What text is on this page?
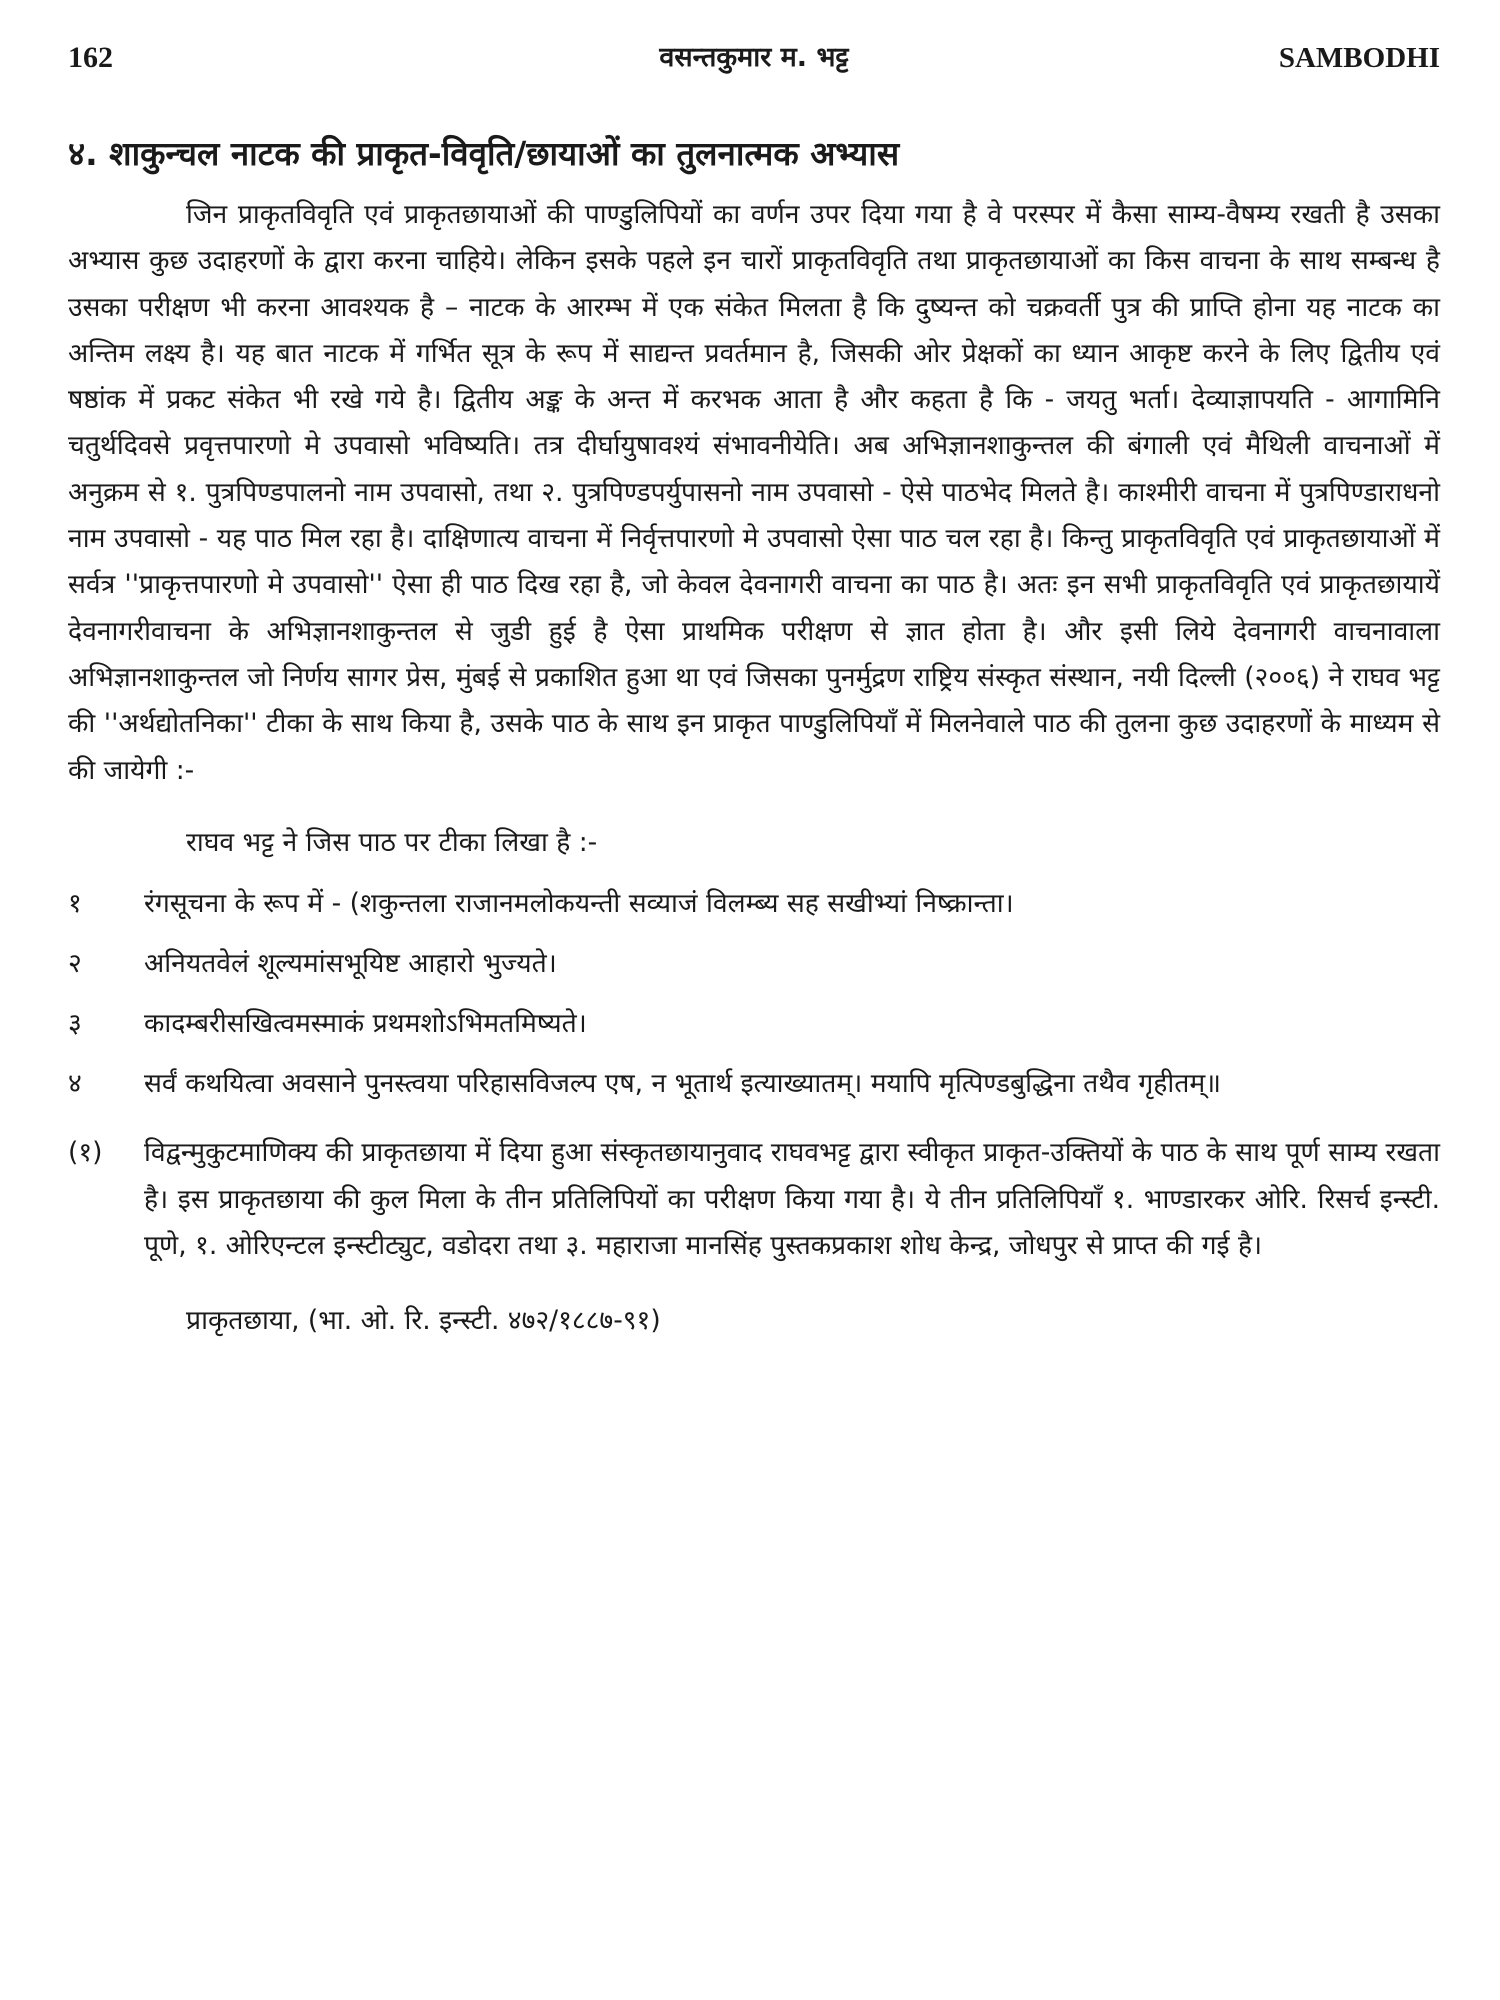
162	वसन्तकुमार म. भट्ट	SAMBODHI
४. शाकुन्चल नाटक की प्राकृत-विवृति/छायाओं का तुलनात्मक अभ्यास

जिन प्राकृतविवृति एवं प्राकृतछायाओं की पाण्डुलिपियों का वर्णन उपर दिया गया है वे परस्पर में कैसा साम्य-वैषम्य रखती है उसका अभ्यास कुछ उदाहरणों के द्वारा करना चाहिये। लेकिन इसके पहले इन चारों प्राकृतविवृति तथा प्राकृतछायाओं का किस वाचना के साथ सम्बन्ध है उसका परीक्षण भी करना आवश्यक है – नाटक के आरम्भ में एक संकेत मिलता है कि दुष्यन्त को चक्रवर्ती पुत्र की प्राप्ति होना यह नाटक का अन्तिम लक्ष्य है। यह बात नाटक में गर्भित सूत्र के रूप में साद्यन्त प्रवर्तमान है, जिसकी ओर प्रेक्षकों का ध्यान आकृष्ट करने के लिए द्वितीय एवं षष्ठांक में प्रकट संकेत भी रखे गये है। द्वितीय अङ्क के अन्त में करभक आता है और कहता है कि - जयतु भर्ता। देव्याज्ञापयति - आगामिनि चतुर्थदिवसे प्रवृत्तपारणो मे उपवासो भविष्यति। तत्र दीर्घायुषावश्यं संभावनीयेति। अब अभिज्ञानशाकुन्तल की बंगाली एवं मैथिली वाचनाओं में अनुक्रम से १. पुत्रपिण्डपालनो नाम उपवासो, तथा २. पुत्रपिण्डपर्युपासनो नाम उपवासो - ऐसे पाठभेद मिलते है। काश्मीरी वाचना में पुत्रपिण्डाराधनो नाम उपवासो - यह पाठ मिल रहा है। दाक्षिणात्य वाचना में निर्वृत्तपारणो मे उपवासो ऐसा पाठ चल रहा है। किन्तु प्राकृतविवृति एवं प्राकृतछायाओं में सर्वत्र ''प्राकृत्तपारणो मे उपवासो'' ऐसा ही पाठ दिख रहा है, जो केवल देवनागरी वाचना का पाठ है। अतः इन सभी प्राकृतविवृति एवं प्राकृतछायायें देवनागरीवाचना के अभिज्ञानशाकुन्तल से जुडी हुई है ऐसा प्राथमिक परीक्षण से ज्ञात होता है। और इसी लिये देवनागरी वाचनावाला अभिज्ञानशाकुन्तल जो निर्णय सागर प्रेस, मुंबई से प्रकाशित हुआ था एवं जिसका पुनर्मुद्रण राष्ट्रिय संस्कृत संस्थान, नयी दिल्ली (२००६) ने राघव भट्ट की ''अर्थद्योतनिका'' टीका के साथ किया है, उसके पाठ के साथ इन प्राकृत पाण्डुलिपियाँ में मिलनेवाले पाठ की तुलना कुछ उदाहरणों के माध्यम से की जायेगी :-

राघव भट्ट ने जिस पाठ पर टीका लिखा है :-
१	रंगसूचना के रूप में - (शकुन्तला राजानमलोकयन्ती सव्याजं विलम्ब्य सह सखीभ्यां निष्क्रान्ता।
२	अनियतवेलं शूल्यमांसभूयिष्ट आहारो भुज्यते।
३	कादम्बरीसखित्वमस्माकं प्रथमशोऽभिमतमिष्यते।
४	सर्वं कथयित्वा अवसाने पुनस्त्वया परिहासविजल्प एष, न भूतार्थ इत्याख्यातम्। मयापि मृत्पिण्डबुद्धिना तथैव गृहीतम्॥
(१)	विद्वन्मुकुटमाणिक्य की प्राकृतछाया में दिया हुआ संस्कृतछायानुवाद राघवभट्ट द्वारा स्वीकृत प्राकृत-उक्तियों के पाठ के साथ पूर्ण साम्य रखता है। इस प्राकृतछाया की कुल मिला के तीन प्रतिलिपियों का परीक्षण किया गया है। ये तीन प्रतिलिपियाँ १. भाण्डारकर ओरि. रिसर्च इन्स्टी. पूणे, १. ओरिएन्टल इन्स्टीट्युट, वडोदरा तथा ३. महाराजा मानसिंह पुस्तकप्रकाश शोध केन्द्र, जोधपुर से प्राप्त की गई है।
प्राकृतछाया, (भा. ओ. रि. इन्स्टी. ४७२/१८८७-९१)
